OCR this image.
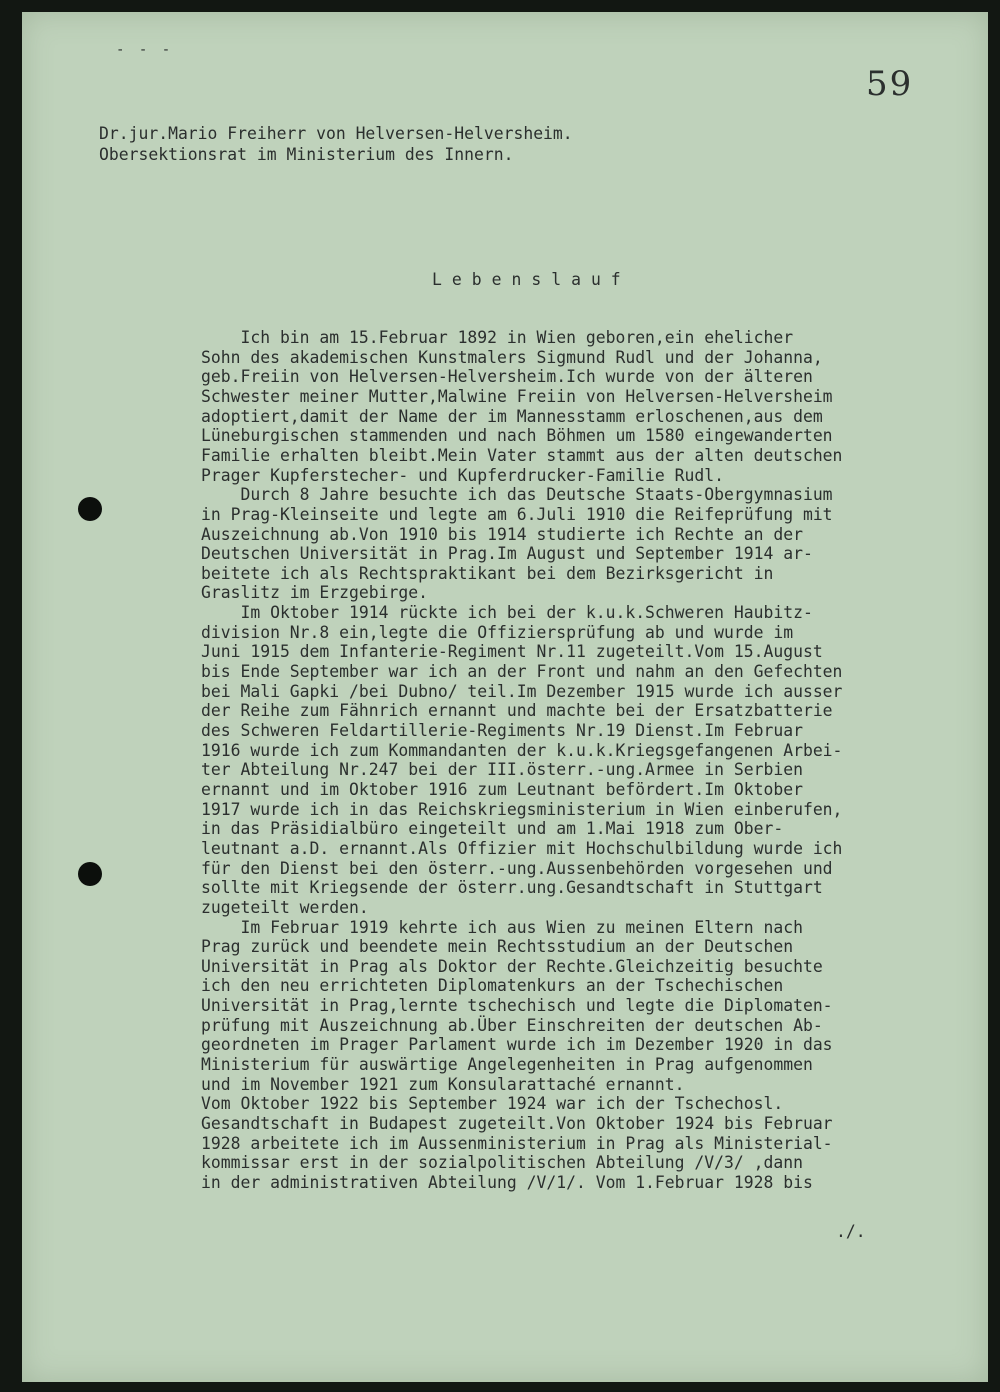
- - -
59
Dr.jur.Mario Freiherr von Helversen-Helversheim.
Obersektionsrat im Ministerium des Innern.
Lebenslauf
Ich bin am 15.Februar 1892 in Wien geboren,ein ehelicher
Sohn des akademischen Kunstmalers Sigmund Rudl und der Johanna,
geb.Freiin von Helversen-Helversheim.Ich wurde von der älteren
Schwester meiner Mutter,Malwine Freiin von Helversen-Helversheim
adoptiert,damit der Name der im Mannesstamm erloschenen,aus dem
Lüneburgischen stammenden und nach Böhmen um 1580 eingewanderten
Familie erhalten bleibt.Mein Vater stammt aus der alten deutschen
Prager Kupferstecher- und Kupferdrucker-Familie Rudl.
Durch 8 Jahre besuchte ich das Deutsche Staats-Obergymnasium
in Prag-Kleinseite und legte am 6.Juli 1910 die Reifeprüfung mit
Auszeichnung ab.Von 1910 bis 1914 studierte ich Rechte an der
Deutschen Universität in Prag.Im August und September 1914 ar-
beitete ich als Rechtspraktikant bei dem Bezirksgericht in
Graslitz im Erzgebirge.
Im Oktober 1914 rückte ich bei der k.u.k.Schweren Haubitz-
division Nr.8 ein,legte die Offiziersprüfung ab und wurde im
Juni 1915 dem Infanterie-Regiment Nr.11 zugeteilt.Vom 15.August
bis Ende September war ich an der Front und nahm an den Gefechten
bei Mali Gapki /bei Dubno/ teil.Im Dezember 1915 wurde ich ausser
der Reihe zum Fähnrich ernannt und machte bei der Ersatzbatterie
des Schweren Feldartillerie-Regiments Nr.19 Dienst.Im Februar
1916 wurde ich zum Kommandanten der k.u.k.Kriegsgefangenen Arbei-
ter Abteilung Nr.247 bei der III.österr.-ung.Armee in Serbien
ernannt und im Oktober 1916 zum Leutnant befördert.Im Oktober
1917 wurde ich in das Reichskriegsministerium in Wien einberufen,
in das Präsidialbüro eingeteilt und am 1.Mai 1918 zum Ober-
leutnant a.D. ernannt.Als Offizier mit Hochschulbildung wurde ich
für den Dienst bei den österr.-ung.Aussenbehörden vorgesehen und
sollte mit Kriegsende der österr.ung.Gesandtschaft in Stuttgart
zugeteilt werden.
Im Februar 1919 kehrte ich aus Wien zu meinen Eltern nach
Prag zurück und beendete mein Rechtsstudium an der Deutschen
Universität in Prag als Doktor der Rechte.Gleichzeitig besuchte
ich den neu errichteten Diplomatenkurs an der Tschechischen
Universität in Prag,lernte tschechisch und legte die Diplomaten-
prüfung mit Auszeichnung ab.Über Einschreiten der deutschen Ab-
geordneten im Prager Parlament wurde ich im Dezember 1920 in das
Ministerium für auswärtige Angelegenheiten in Prag aufgenommen
und im November 1921 zum Konsularattaché ernannt.
Vom Oktober 1922 bis September 1924 war ich der Tschechosl.
Gesandtschaft in Budapest zugeteilt.Von Oktober 1924 bis Februar
1928 arbeitete ich im Aussenministerium in Prag als Ministerial-
kommissar erst in der sozialpolitischen Abteilung /V/3/ ,dann
in der administrativen Abteilung /V/1/. Vom 1.Februar 1928 bis
./.
